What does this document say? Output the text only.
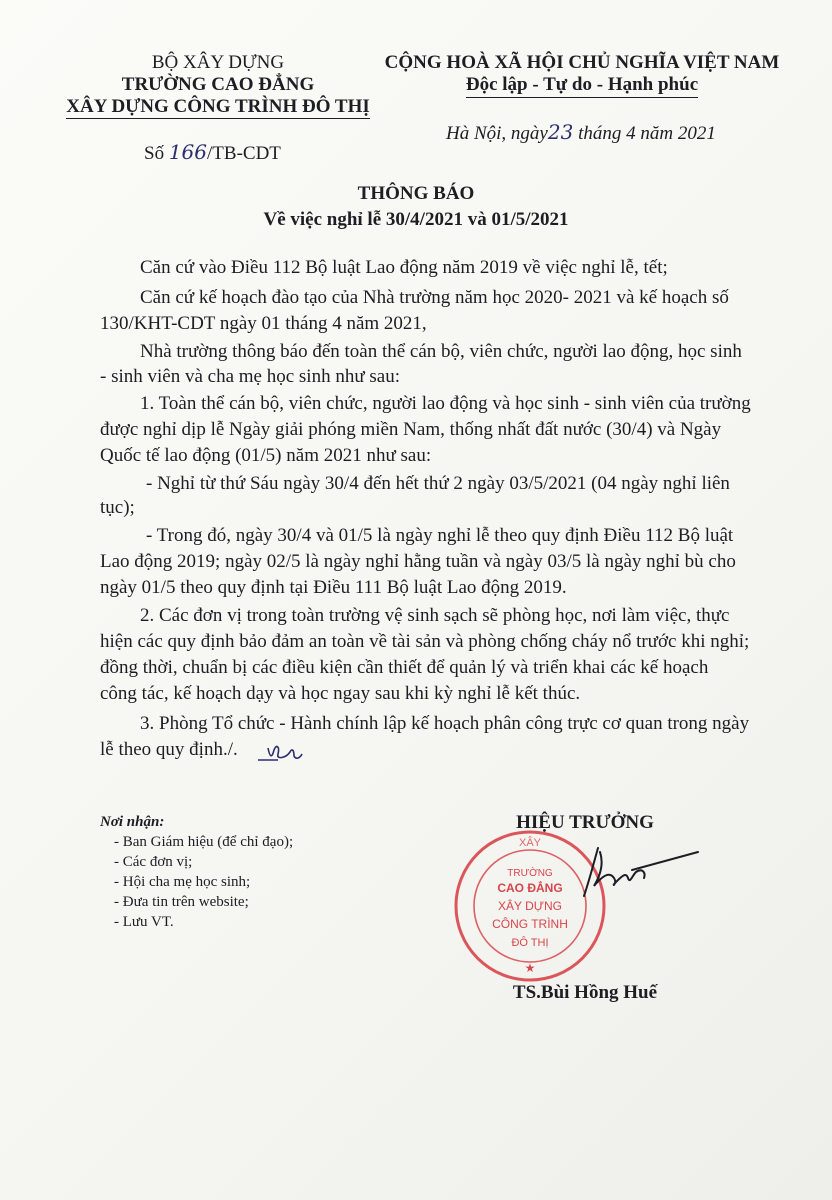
BỘ XÂY DỰNG
TRƯỜNG CAO ĐẲNG
XÂY DỰNG CÔNG TRÌNH ĐÔ THỊ
Số 166/TB-CDT
CỘNG HOÀ XÃ HỘI CHỦ NGHĨA VIỆT NAM
Độc lập - Tự do - Hạnh phúc
Hà Nội, ngày23 tháng 4 năm 2021
THÔNG BÁO
Về việc nghỉ lễ 30/4/2021 và 01/5/2021
Căn cứ vào Điều 112 Bộ luật Lao động năm 2019 về việc nghỉ lễ, tết;
Căn cứ kế hoạch đào tạo của Nhà trường năm học 2020- 2021 và kế hoạch số
130/KHT-CDT ngày 01 tháng 4 năm 2021,
Nhà trường thông báo đến toàn thể cán bộ, viên chức, người lao động, học sinh
- sinh viên và cha mẹ học sinh như sau:
1. Toàn thể cán bộ, viên chức, người lao động và học sinh - sinh viên của trường
được nghỉ dịp lễ Ngày giải phóng miền Nam, thống nhất đất nước (30/4) và Ngày
Quốc tế lao động (01/5) năm 2021 như sau:
- Nghỉ từ thứ Sáu ngày 30/4 đến hết thứ 2 ngày 03/5/2021 (04 ngày nghỉ liên
tục);
- Trong đó, ngày 30/4 và 01/5 là ngày nghỉ lễ theo quy định Điều 112 Bộ luật
Lao động 2019; ngày 02/5 là ngày nghỉ hằng tuần và ngày 03/5 là ngày nghỉ bù cho
ngày 01/5 theo quy định tại Điều 111 Bộ luật Lao động 2019.
2. Các đơn vị trong toàn trường vệ sinh sạch sẽ phòng học, nơi làm việc, thực
hiện các quy định bảo đảm an toàn về tài sản và phòng chống cháy nổ trước khi nghỉ;
đồng thời, chuẩn bị các điều kiện cần thiết để quản lý và triển khai các kế hoạch
công tác, kế hoạch dạy và học ngay sau khi kỳ nghỉ lễ kết thúc.
3. Phòng Tổ chức - Hành chính lập kế hoạch phân công trực cơ quan trong ngày
lễ theo quy định./.
Nơi nhận:
- Ban Giám hiệu (để chỉ đạo);
- Các đơn vị;
- Hội cha mẹ học sinh;
- Đưa tin trên website;
- Lưu VT.
HIỆU TRƯỞNG
XÂY
TRƯỜNG
CAO ĐẲNG
XÂY DỰNG
CÔNG TRÌNH
ĐÔ THỊ
★
TS.Bùi Hồng Huế
